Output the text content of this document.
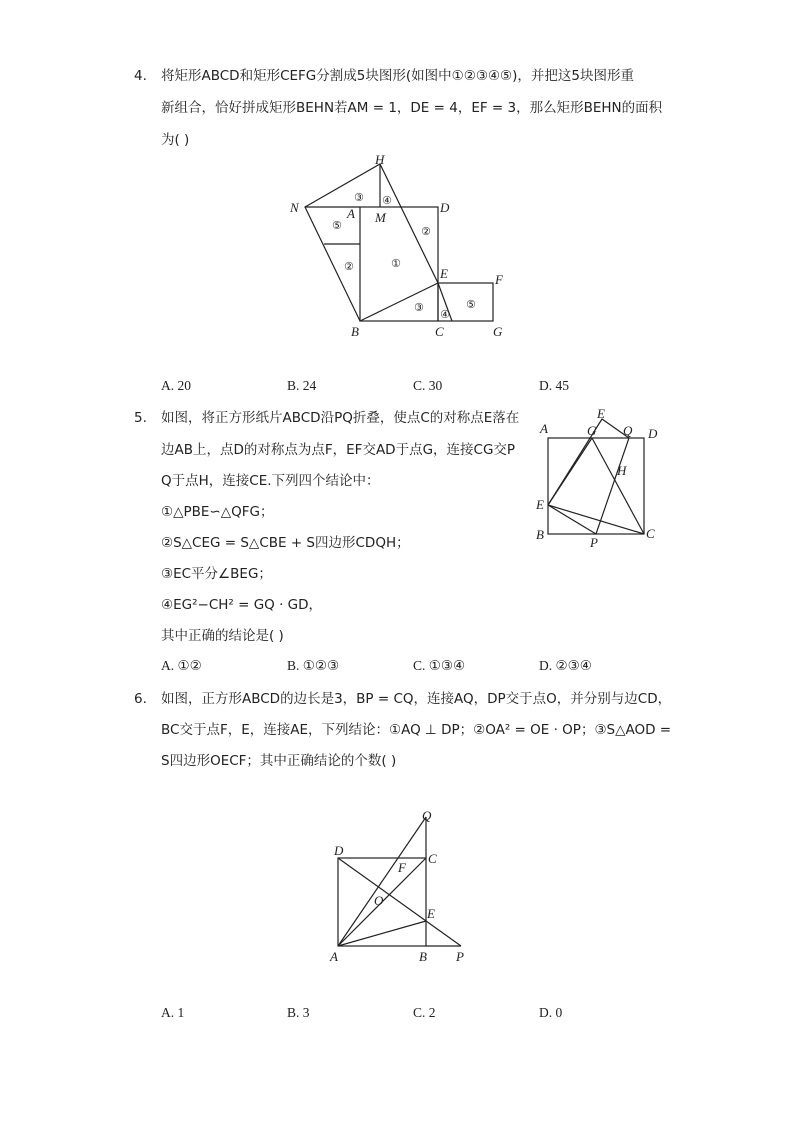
4. 将矩形ABCD和矩形CEFG分割成5块图形(如图中①②③④⑤)，并把这5块图形重
新组合，恰好拼成矩形BEHN若AM = 1，DE = 4，EF = 3，那么矩形BEHN的面积
为( )
H
N	A M
D
E	F
B	C	G
①
②
②
③
③
④
④
⑤
⑤
A. 20	B. 24	C. 30	D. 45
5. 如图，将正方形纸片ABCD沿PQ折叠，使点C的对称点E落在
边AB上，点D的对称点为点F，EF交AD于点G，连接CG交P
Q于点H，连接CE.下列四个结论中：
①△PBE∽△QFG；
②S△CEG = S△CBE + S四边形CDQH；
③EC平分∠BEG；
④EG²−CH² = GQ · GD，
其中正确的结论是( )
E
A	G Q D
H
E
B
P
C
A. ①②	B. ①②③	C. ①③④	D. ②③④
6. 如图，正方形ABCD的边长是3，BP = CQ，连接AQ，DP交于点O，并分别与边CD，
BC交于点F，E，连接AE，下列结论：①AQ ⊥ DP；②OA² = OE · OP；③S△AOD =
S四边形OECF；其中正确结论的个数( )
Q
D
C
F
O
E
A	B P
A. 1	B. 3	C. 2	D. 0
